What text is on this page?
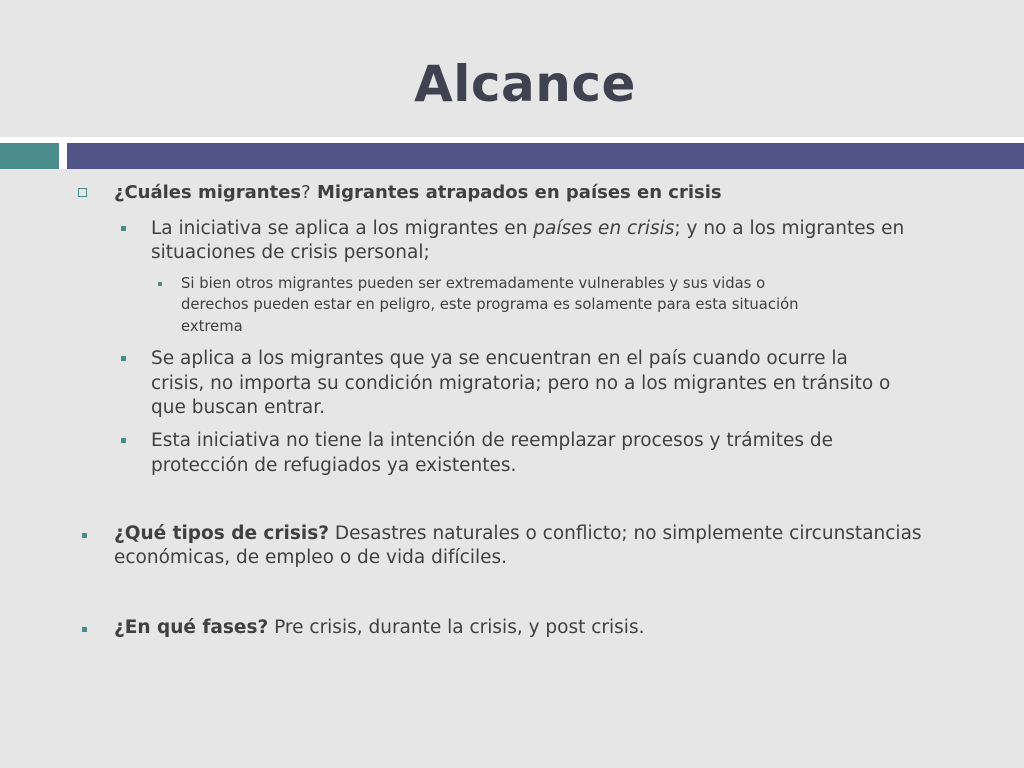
Alcance
¿Cuáles migrantes? Migrantes atrapados en países en crisis
La iniciativa se aplica a los migrantes en países en crisis; y no a los migrantes en
situaciones de crisis personal;
Si bien otros migrantes pueden ser extremadamente vulnerables y sus vidas o
derechos pueden estar en peligro, este programa es solamente para esta situación
extrema
Se aplica a los migrantes que ya se encuentran en el país cuando ocurre la
crisis, no importa su condición migratoria; pero no a los migrantes en tránsito o
que buscan entrar.
Esta iniciativa no tiene la intención de reemplazar procesos y trámites de
protección de refugiados ya existentes.
¿Qué tipos de crisis? Desastres naturales o conflicto; no simplemente circunstancias
económicas, de empleo o de vida difíciles.
¿En qué fases? Pre crisis, durante la crisis, y post crisis.
